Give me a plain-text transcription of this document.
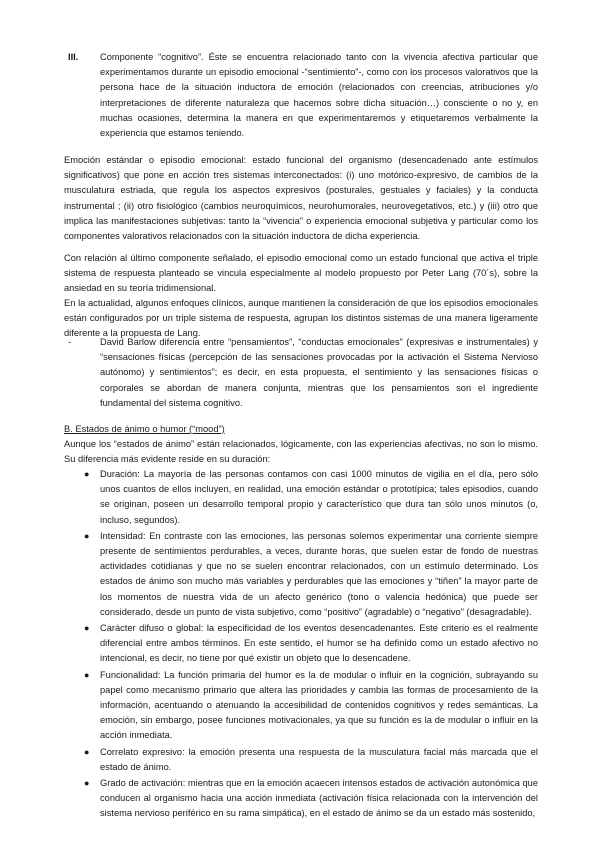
III. Componente “cognitivo”. Éste se encuentra relacionado tanto con la vivencia afectiva particular que experimentamos durante un episodio emocional -“sentimiento”-, como con los procesos valorativos que la persona hace de la situación inductora de emoción (relacionados con creencias, atribuciones y/o interpretaciones de diferente naturaleza que hacemos sobre dicha situación…) consciente o no y, en muchas ocasiones, determina la manera en que experimentaremos y etiquetaremos verbalmente la experiencia que estamos teniendo.

Emoción estándar o episodio emocional: estado funcional del organismo (desencadenado ante estímulos significativos) que pone en acción tres sistemas interconectados: (i) uno motórico-expresivo, de cambios de la musculatura estriada, que regula los aspectos expresivos (posturales, gestuales y faciales) y la conducta instrumental ; (ii) otro fisiológico (cambios neuroquímicos, neurohumorales, neurovegetativos, etc.) y (iii) otro que implica las manifestaciones subjetivas: tanto la “vivencia” o experiencia emocional subjetiva y particular como los componentes valorativos relacionados con la situación inductora de dicha experiencia.

Con relación al último componente señalado, el episodio emocional como un estado funcional que activa el triple sistema de respuesta planteado se vincula especialmente al modelo propuesto por Peter Lang (70´s), sobre la ansiedad en su teoría tridimensional.

En la actualidad, algunos enfoques clínicos, aunque mantienen la consideración de que los episodios emocionales están configurados por un triple sistema de respuesta, agrupan los distintos sistemas de una manera ligeramente diferente a la propuesta de Lang.

-	David Barlow diferencia entre “pensamientos”, “conductas emocionales” (expresivas e instrumentales) y “sensaciones físicas (percepción de las sensaciones provocadas por la activación el Sistema Nervioso autónomo) y sentimientos”; es decir, en esta propuesta, el sentimiento y las sensaciones físicas o corporales se abordan de manera conjunta, mientras que los pensamientos son el ingrediente fundamental del sistema cognitivo.

B. Estados de ánimo o humor (“mood”)

Aunque los “estados de ánimo” están relacionados, lógicamente, con las experiencias afectivas, no son lo mismo. Su diferencia más evidente reside en su duración:

● Duración: La mayoría de las personas contamos con casi 1000 minutos de vigilia en el día, pero sólo unos cuantos de ellos incluyen, en realidad, una emoción estándar o prototípica; tales episodios, cuando se originan, poseen un desarrollo temporal propio y característico que dura tan sólo unos minutos (o, incluso, segundos).
● Intensidad: En contraste con las emociones, las personas solemos experimentar una corriente siempre presente de sentimientos perdurables, a veces, durante horas, que suelen estar de fondo de nuestras actividades cotidianas y que no se suelen encontrar relacionados, con un estímulo determinado. Los estados de ánimo son mucho más variables y perdurables que las emociones y “tiñen” la mayor parte de los momentos de nuestra vida de un afecto genérico (tono o valencia hedónica) que puede ser considerado, desde un punto de vista subjetivo, como “positivo” (agradable) o “negativo” (desagradable).
● Carácter difuso o global: la especificidad de los eventos desencadenantes. Este criterio es el realmente diferencial entre ambos términos. En este sentido, el humor se ha definido como un estado afectivo no intencional, es decir, no tiene por qué existir un objeto que lo desencadene.
● Funcionalidad: La función primaria del humor es la de modular o influir en la cognición, subrayando su papel como mecanismo primario que altera las prioridades y cambia las formas de procesamiento de la información, acentuando o atenuando la accesibilidad de contenidos cognitivos y redes semánticas. La emoción, sin embargo, posee funciones motivacionales, ya que su función es la de modular o influir en la acción inmediata.
● Correlato expresivo: la emoción presenta una respuesta de la musculatura facial más marcada que el estado de ánimo.
● Grado de activación: mientras que en la emoción acaecen intensos estados de activación autonómica que conducen al organismo hacia una acción inmediata (activación física relacionada con la intervención del sistema nervioso periférico en su rama simpática), en el estado de ánimo se da un estado más sostenido,
